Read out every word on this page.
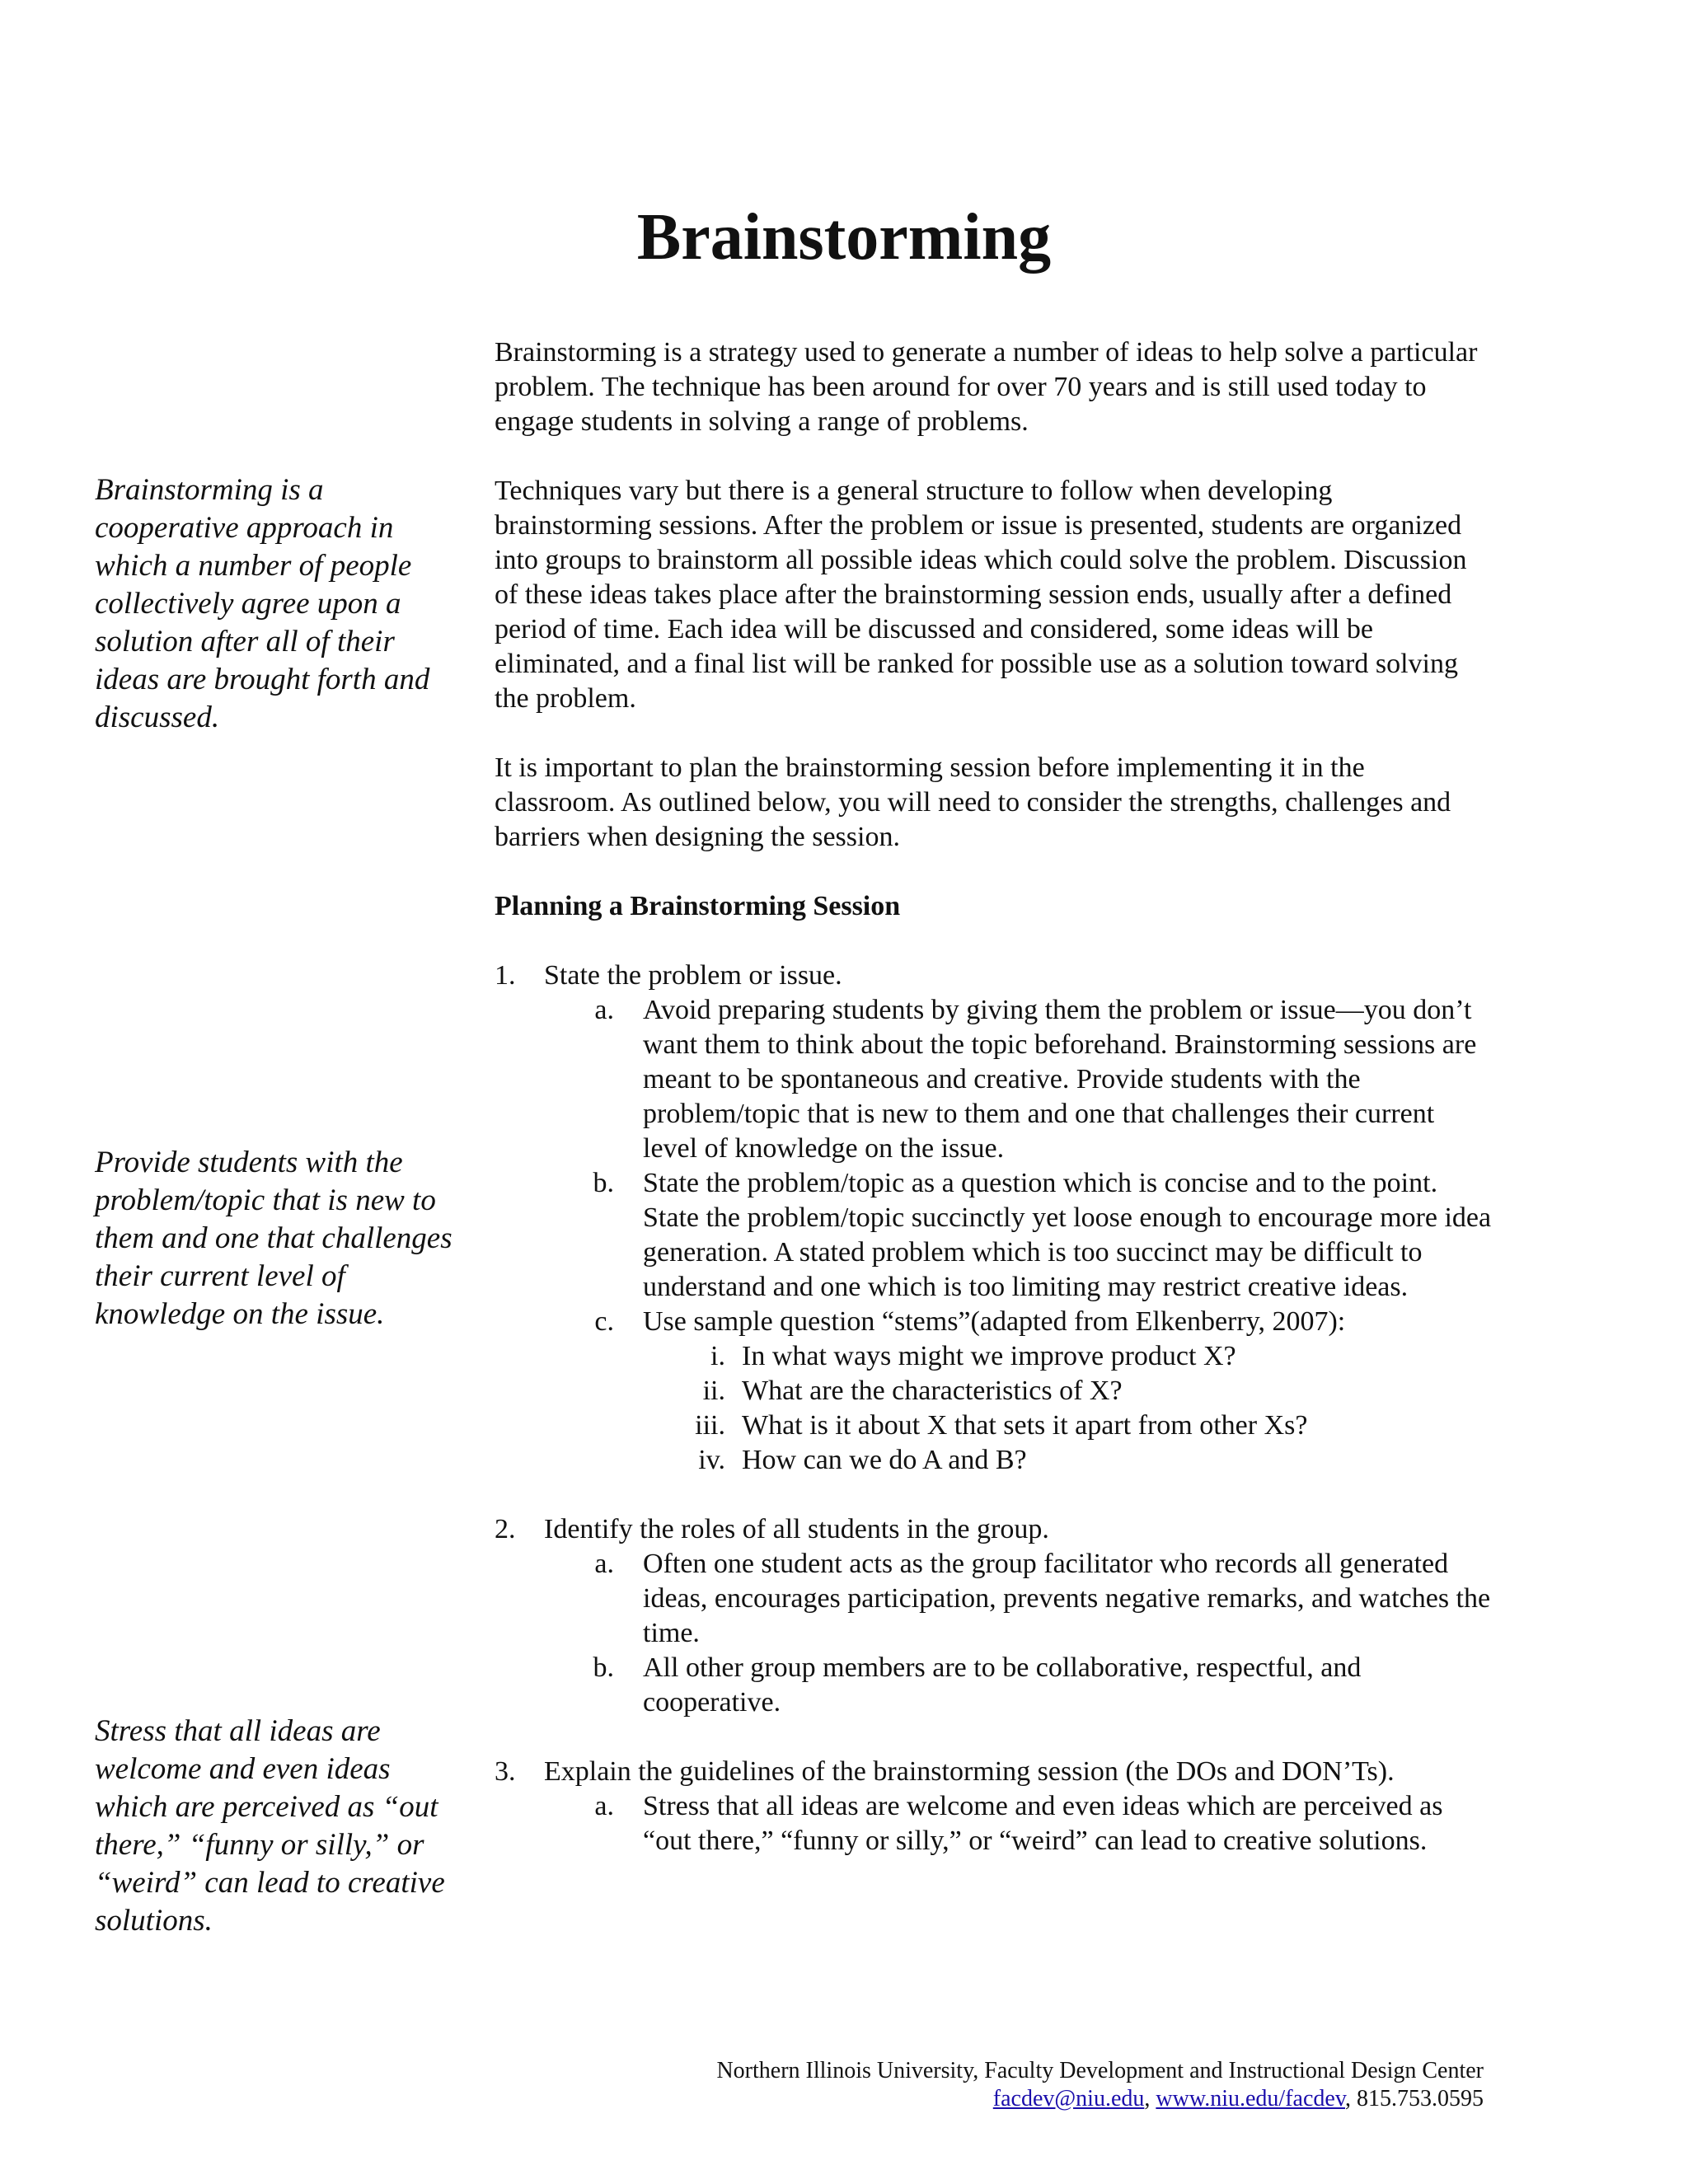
Brainstorming

Brainstorming is a cooperative approach in which a number of people collectively agree upon a solution after all of their ideas are brought forth and discussed.

Provide students with the problem/topic that is new to them and one that challenges their current level of knowledge on the issue.

Stress that all ideas are welcome and even ideas which are perceived as “out there,” “funny or silly,” or “weird” can lead to creative solutions.

Brainstorming is a strategy used to generate a number of ideas to help solve a particular problem. The technique has been around for over 70 years and is still used today to engage students in solving a range of problems.

Techniques vary but there is a general structure to follow when developing brainstorming sessions. After the problem or issue is presented, students are organized into groups to brainstorm all possible ideas which could solve the problem. Discussion of these ideas takes place after the brainstorming session ends, usually after a defined period of time. Each idea will be discussed and considered, some ideas will be eliminated, and a final list will be ranked for possible use as a solution toward solving the problem.

It is important to plan the brainstorming session before implementing it in the classroom. As outlined below, you will need to consider the strengths, challenges and barriers when designing the session.

Planning a Brainstorming Session

1. State the problem or issue.
a. Avoid preparing students by giving them the problem or issue—you don’t want them to think about the topic beforehand. Brainstorming sessions are meant to be spontaneous and creative. Provide students with the problem/topic that is new to them and one that challenges their current level of knowledge on the issue.
b. State the problem/topic as a question which is concise and to the point. State the problem/topic succinctly yet loose enough to encourage more idea generation. A stated problem which is too succinct may be difficult to understand and one which is too limiting may restrict creative ideas.
c. Use sample question “stems”(adapted from Elkenberry, 2007):
i. In what ways might we improve product X?
ii. What are the characteristics of X?
iii. What is it about X that sets it apart from other Xs?
iv. How can we do A and B?
2. Identify the roles of all students in the group.
a. Often one student acts as the group facilitator who records all generated ideas, encourages participation, prevents negative remarks, and watches the time.
b. All other group members are to be collaborative, respectful, and cooperative.
3. Explain the guidelines of the brainstorming session (the DOs and DON’Ts).
a. Stress that all ideas are welcome and even ideas which are perceived as “out there,” “funny or silly,” or “weird” can lead to creative solutions.
Northern Illinois University, Faculty Development and Instructional Design Center
facdev@niu.edu, www.niu.edu/facdev, 815.753.0595
